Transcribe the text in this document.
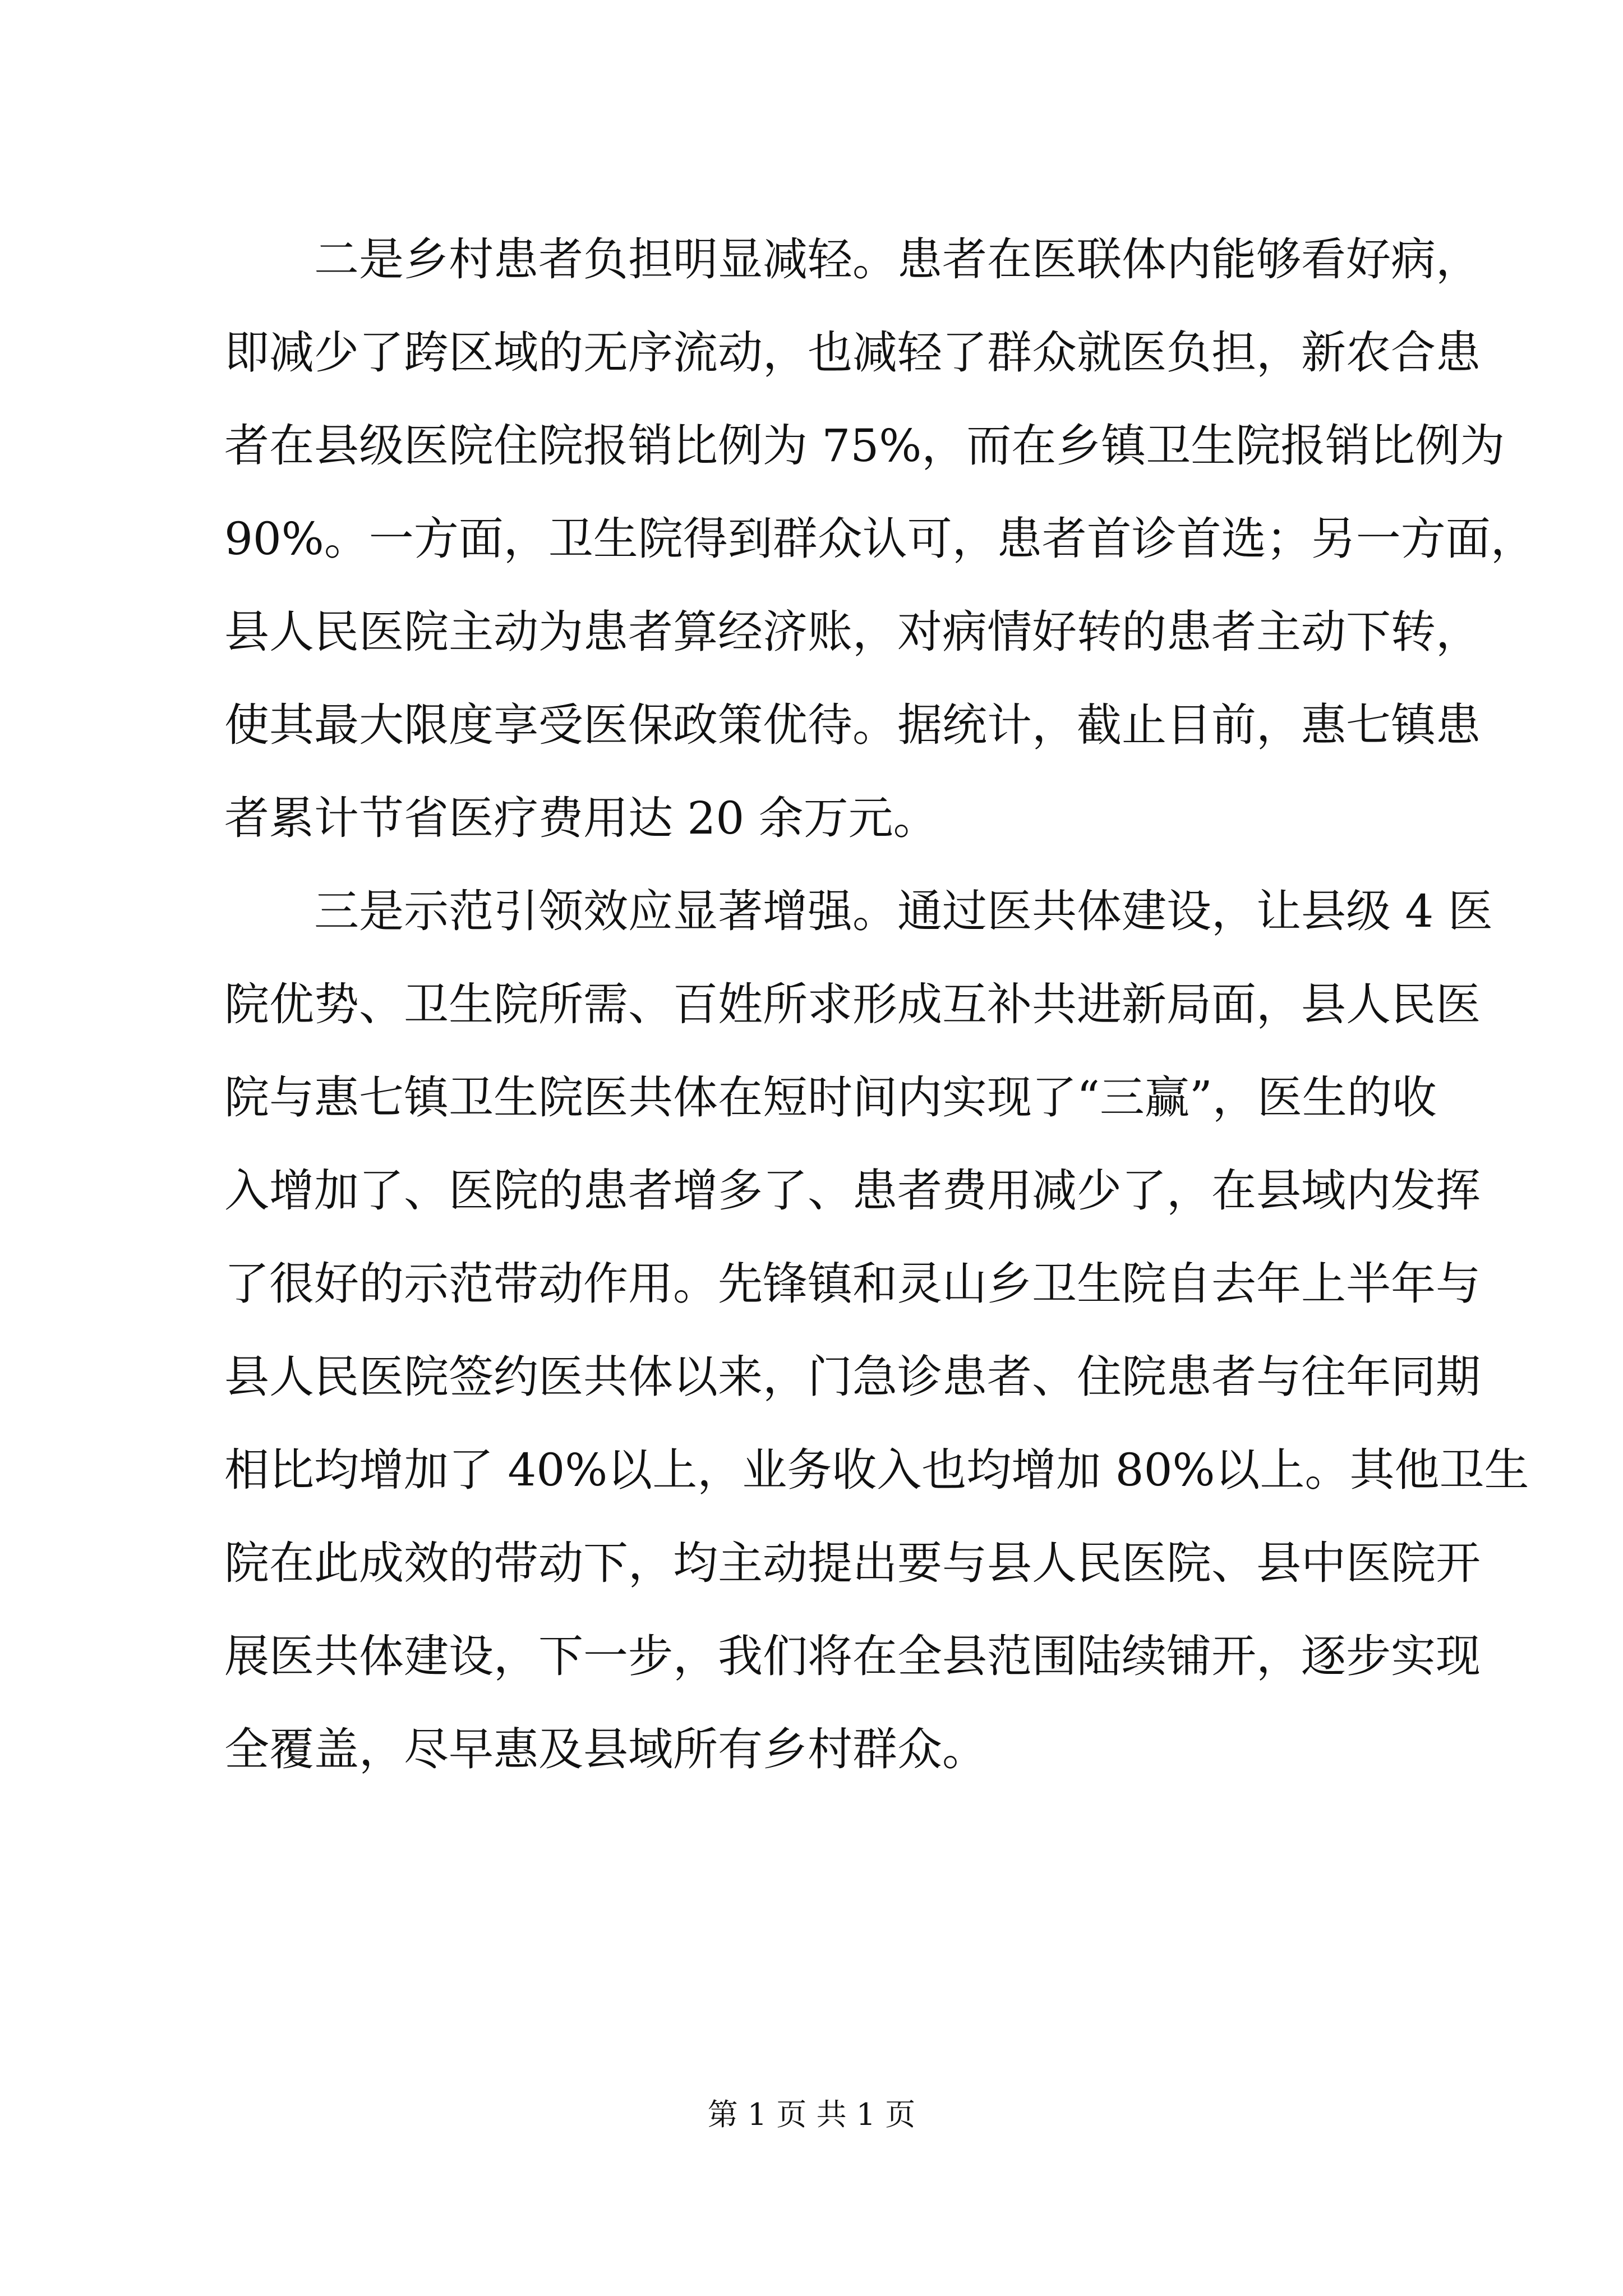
二是乡村患者负担明显减轻。患者在医联体内能够看好病，
即减少了跨区域的无序流动，也减轻了群众就医负担，新农合患
者在县级医院住院报销比例为 75%，而在乡镇卫生院报销比例为
90%。一方面，卫生院得到群众认可，患者首诊首选；另一方面，
县人民医院主动为患者算经济账，对病情好转的患者主动下转，
使其最大限度享受医保政策优待。据统计，截止目前，惠七镇患
者累计节省医疗费用达 20 余万元。
三是示范引领效应显著增强。通过医共体建设，让县级 4 医
院优势、卫生院所需、百姓所求形成互补共进新局面，县人民医
院与惠七镇卫生院医共体在短时间内实现了“三赢”，医生的收
入增加了、医院的患者增多了、患者费用减少了，在县域内发挥
了很好的示范带动作用。先锋镇和灵山乡卫生院自去年上半年与
县人民医院签约医共体以来，门急诊患者、住院患者与往年同期
相比均增加了 40%以上，业务收入也均增加 80%以上。其他卫生
院在此成效的带动下，均主动提出要与县人民医院、县中医院开
展医共体建设，下一步，我们将在全县范围陆续铺开，逐步实现
全覆盖，尽早惠及县域所有乡村群众。
第 1 页 共 1 页
